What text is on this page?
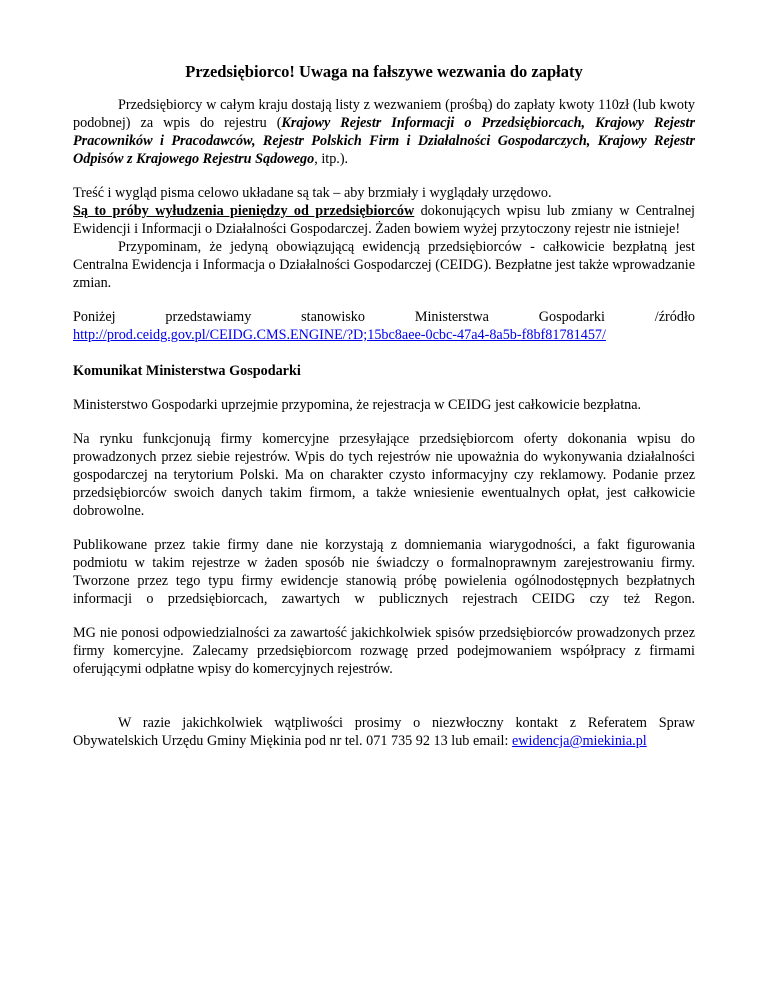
Przedsiębiorco! Uwaga na fałszywe wezwania do zapłaty

Przedsiębiorcy w całym kraju dostają listy z wezwaniem (prośbą) do zapłaty kwoty 110zł (lub kwoty podobnej) za wpis do rejestru (Krajowy Rejestr Informacji o Przedsiębiorcach, Krajowy Rejestr Pracowników i Pracodawców, Rejestr Polskich Firm i Działalności Gospodarczych, Krajowy Rejestr Odpisów z Krajowego Rejestru Sądowego, itp.).

Treść i wygląd pisma celowo układane są tak – aby brzmiały i wyglądały urzędowo.
Są to próby wyłudzenia pieniędzy od przedsiębiorców dokonujących wpisu lub zmiany w Centralnej Ewidencji i Informacji o Działalności Gospodarczej. Żaden bowiem wyżej przytoczony rejestr nie istnieje!

Przypominam, że jedyną obowiązującą ewidencją przedsiębiorców - całkowicie bezpłatną jest Centralna Ewidencja i Informacja o Działalności Gospodarczej (CEIDG). Bezpłatne jest także wprowadzanie zmian.

Poniżej przedstawiamy stanowisko Ministerstwa Gospodarki /źródło

http://prod.ceidg.gov.pl/CEIDG.CMS.ENGINE/?D;15bc8aee-0cbc-47a4-8a5b-f8bf81781457/

Komunikat Ministerstwa Gospodarki

Ministerstwo Gospodarki uprzejmie przypomina, że rejestracja w CEIDG jest całkowicie bezpłatna.

Na rynku funkcjonują firmy komercyjne przesyłające przedsiębiorcom oferty dokonania wpisu do prowadzonych przez siebie rejestrów. Wpis do tych rejestrów nie upoważnia do wykonywania działalności gospodarczej na terytorium Polski. Ma on charakter czysto informacyjny czy reklamowy. Podanie przez przedsiębiorców swoich danych takim firmom, a także wniesienie ewentualnych opłat, jest całkowicie dobrowolne.

Publikowane przez takie firmy dane nie korzystają z domniemania wiarygodności, a fakt figurowania podmiotu w takim rejestrze w żaden sposób nie świadczy o formalnoprawnym zarejestrowaniu firmy. Tworzone przez tego typu firmy ewidencje stanowią próbę powielenia ogólnodostępnych bezpłatnych informacji o przedsiębiorcach, zawartych w publicznych rejestrach CEIDG czy też Regon.

MG nie ponosi odpowiedzialności za zawartość jakichkolwiek spisów przedsiębiorców prowadzonych przez firmy komercyjne. Zalecamy przedsiębiorcom rozwagę przed podejmowaniem współpracy z firmami oferującymi odpłatne wpisy do komercyjnych rejestrów.

W razie jakichkolwiek wątpliwości prosimy o niezwłoczny kontakt z Referatem Spraw Obywatelskich Urzędu Gminy Miękinia pod nr tel. 071 735 92 13 lub email: ewidencja@miekinia.pl
